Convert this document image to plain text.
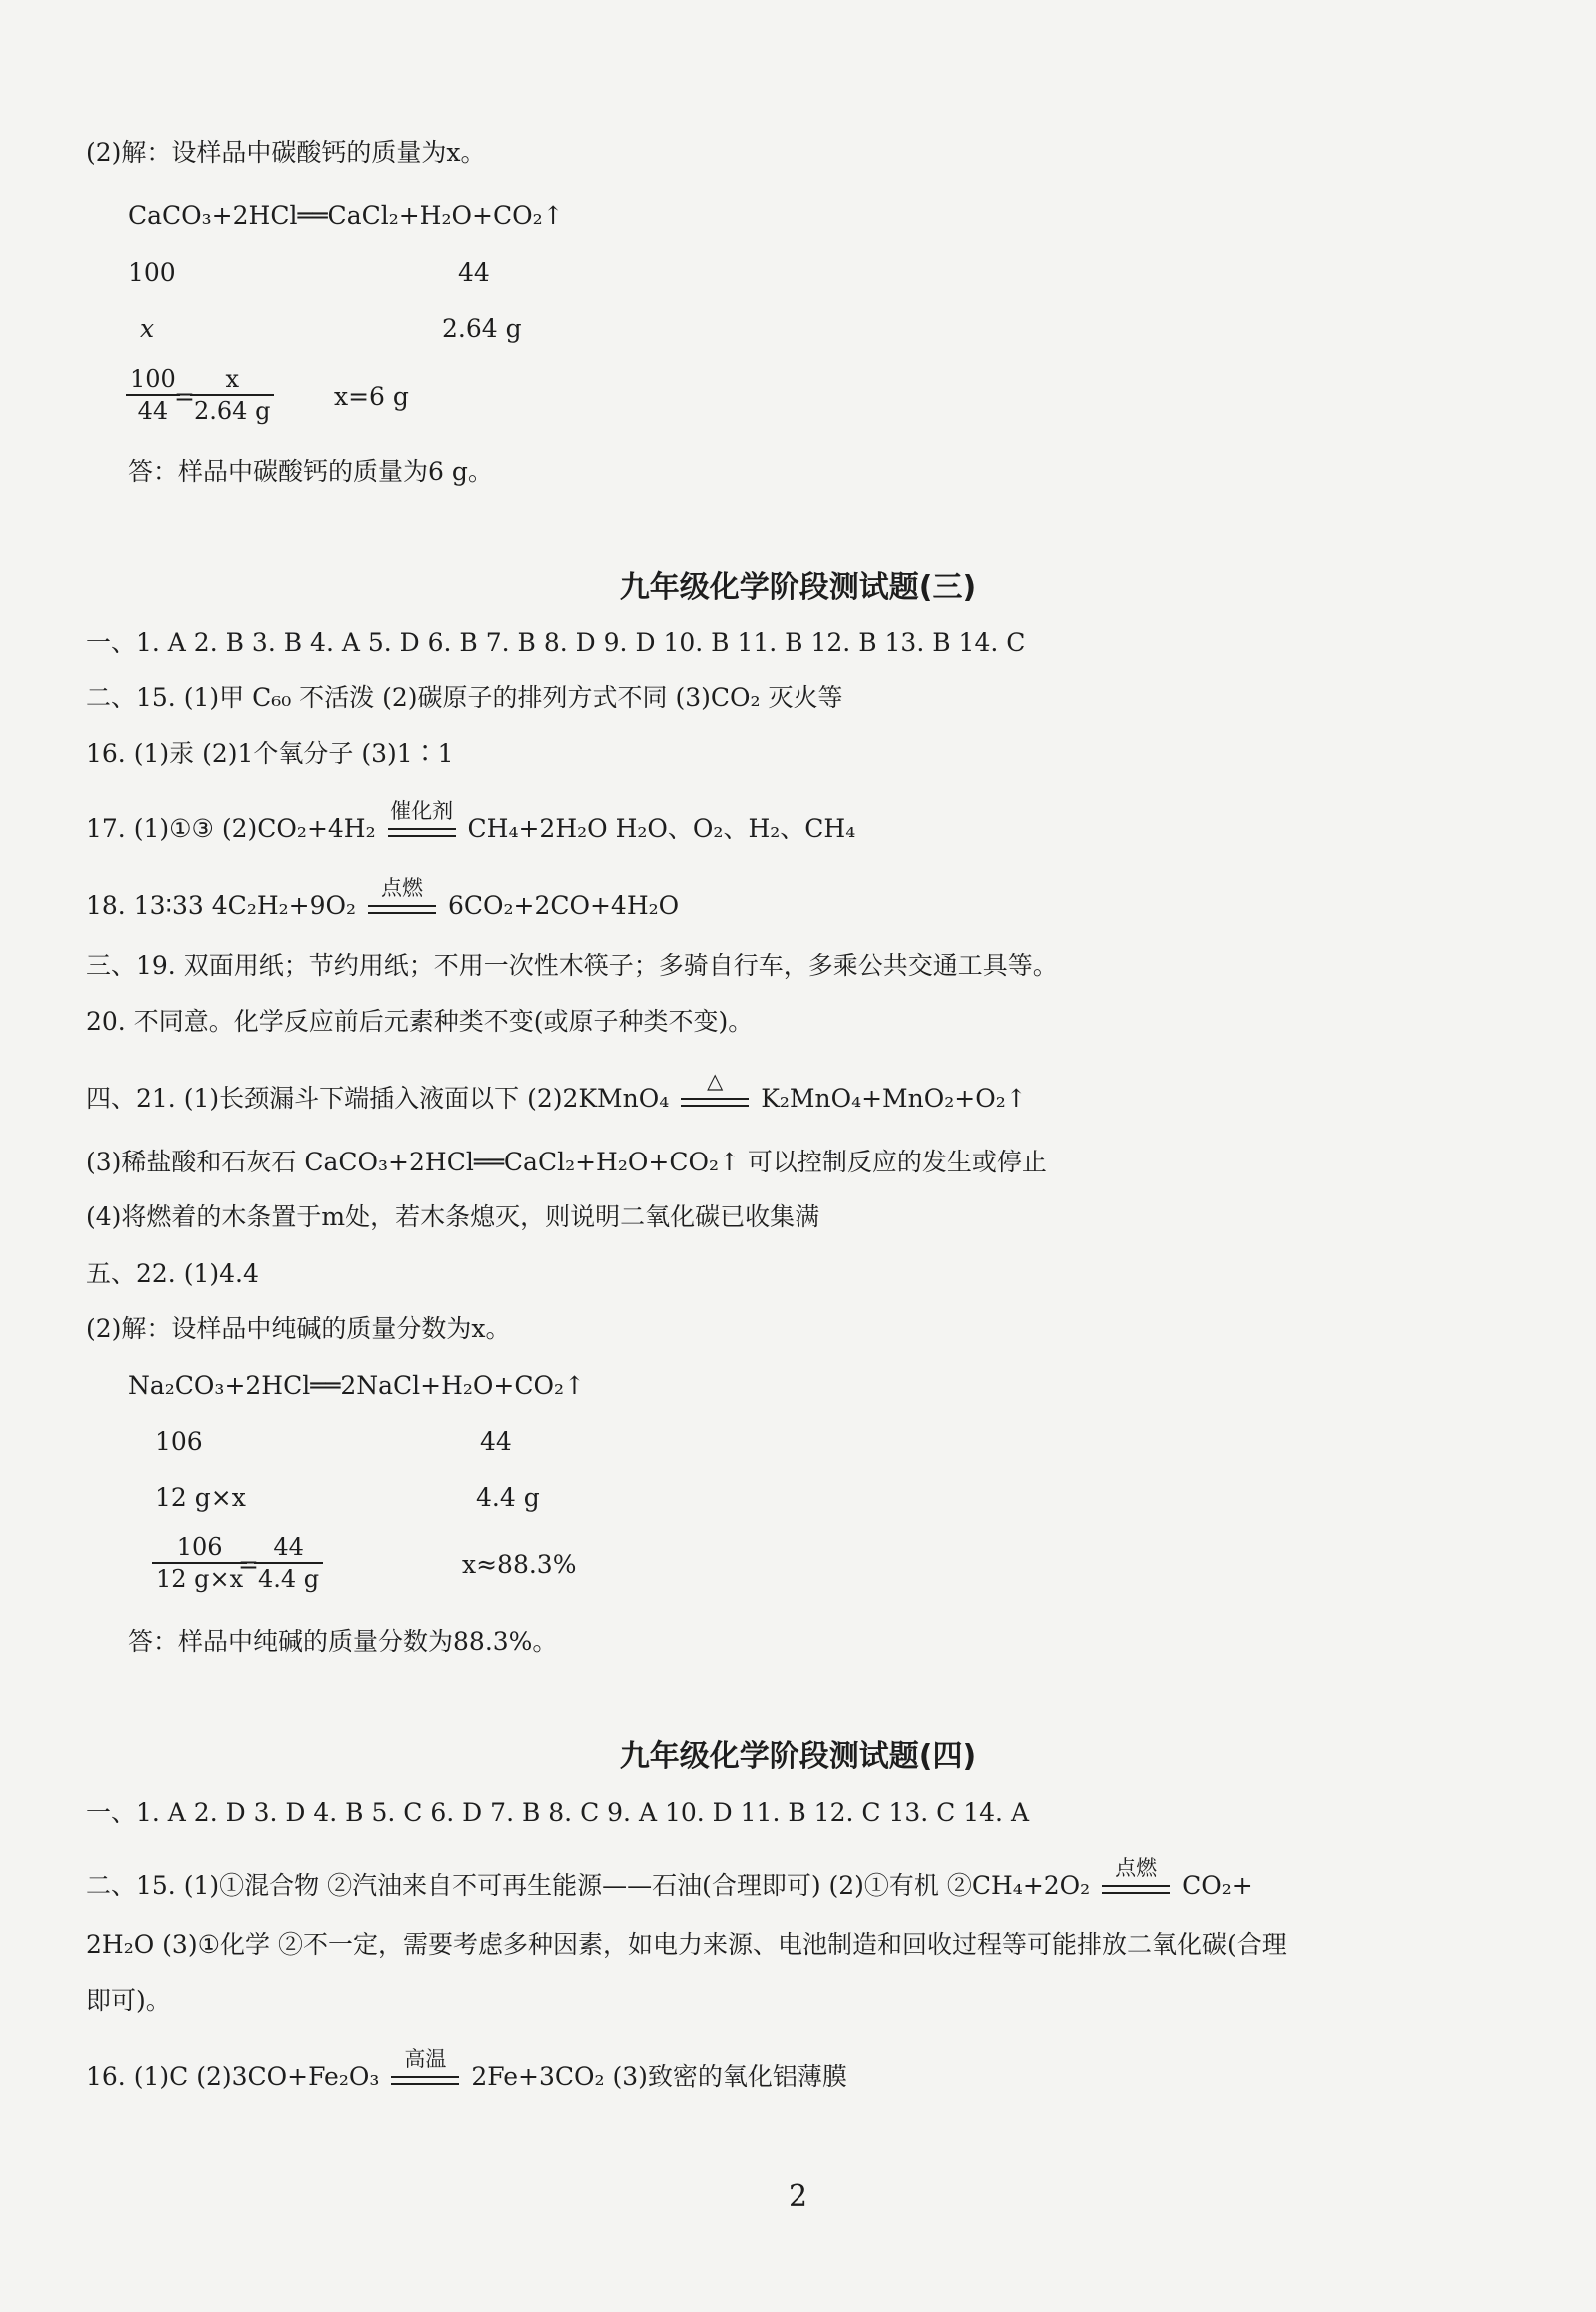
(2)解：设样品中碳酸钙的质量为x。
CaCO₃+2HCl══CaCl₂+H₂O+CO₂↑
100	44
x	2.64 g
$\frac{100}{44}$
=
$\frac{x}{2.64 g} x=6$ g
答：样品中碳酸钙的质量为6 g。
九年级化学阶段测试题(三)
一、1. A 2. B 3. B 4. A 5. D 6. B 7. B 8. D 9. D 10. B 11. B 12. B 13. B 14. C
二、15. (1)甲 C₆₀ 不活泼 (2)碳原子的排列方式不同 (3)CO₂ 灭火等
16. (1)汞 (2)1个氧分子 (3)1∶1
17. (1)①③ (2)CO₂+4H₂
催化剂
CH₄+2H₂O H₂O、O₂、H₂、CH₄
18. 13∶33 4C₂H₂+9O₂
点燃
6CO₂+2CO+4H₂O
三、19. 双面用纸；节约用纸；不用一次性木筷子；多骑自行车，多乘公共交通工具等。
20. 不同意。化学反应前后元素种类不变(或原子种类不变)。
四、21. (1)长颈漏斗下端插入液面以下 (2)2KMnO₄
△
K₂MnO₄+MnO₂+O₂↑
(3)稀盐酸和石灰石 CaCO₃+2HCl══CaCl₂+H₂O+CO₂↑ 可以控制反应的发生或停止
(4)将燃着的木条置于m处，若木条熄灭，则说明二氧化碳已收集满
五、22. (1)4.4
(2)解：设样品中纯碱的质量分数为x。
Na₂CO₃+2HCl══2NaCl+H₂O+CO₂↑
106	44
12 g×x	4.4 g
$\frac{106}{12 g\times x}$
=
$\frac{44}{4.4 g}$	x≈88.3%
答：样品中纯碱的质量分数为88.3%。
九年级化学阶段测试题(四)
一、1. A 2. D 3. D 4. B 5. C 6. D 7. B 8. C 9. A 10. D 11. B 12. C 13. C 14. A
二、15. (1)①混合物 ②汽油来自不可再生能源——石油(合理即可) (2)①有机 ②CH₄+2O₂
点燃
CO₂+
2H₂O (3)①化学 ②不一定，需要考虑多种因素，如电力来源、电池制造和回收过程等可能排放二氧化碳(合理
即可)。
16. (1)C (2)3CO+Fe₂O₃
高温
2Fe+3CO₂ (3)致密的氧化铝薄膜
2
